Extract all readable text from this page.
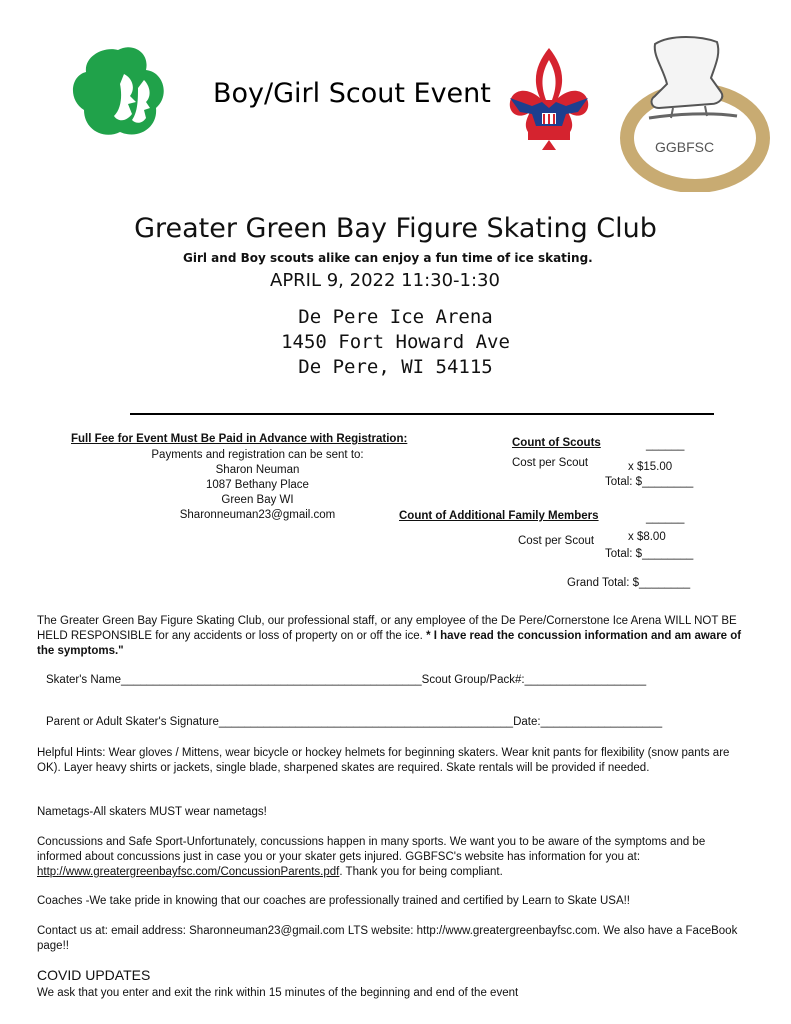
Boy/Girl Scout Event
GGBFSC
Greater Green Bay Figure Skating Club
Girl and Boy scouts alike can enjoy a fun time of ice skating.
APRIL 9, 2022 11:30-1:30
De Pere Ice Arena
1450 Fort Howard Ave
De Pere, WI 54115
Full Fee for Event Must Be Paid in Advance with Registration:
Payments and registration can be sent to:
Sharon Neuman
1087 Bethany Place
Green Bay WI
Sharonneuman23@gmail.com
Count of Scouts	______
Cost per Scout	x $15.00
Total: $________
Count of Additional Family Members	______
Cost per Scout	x $8.00
Total: $________
Grand Total: $________
The Greater Green Bay Figure Skating Club, our professional staff, or any employee of the De Pere/Cornerstone Ice Arena WILL NOT BE HELD RESPONSIBLE for any accidents or loss of property on or off the ice. * I have read the concussion information and am aware of the symptoms."
Skater's Name_______________________________________________Scout Group/Pack#:___________________
Parent or Adult Skater's Signature______________________________________________Date:___________________
Helpful Hints: Wear gloves / Mittens, wear bicycle or hockey helmets for beginning skaters. Wear knit pants for flexibility (snow pants are OK). Layer heavy shirts or jackets, single blade, sharpened skates are required. Skate rentals will be provided if needed.
Nametags-All skaters MUST wear nametags!
Concussions and Safe Sport-Unfortunately, concussions happen in many sports. We want you to be aware of the symptoms and be informed about concussions just in case you or your skater gets injured. GGBFSC's website has information for you at: http://www.greatergreenbayfsc.com/ConcussionParents.pdf. Thank you for being compliant.
Coaches -We take pride in knowing that our coaches are professionally trained and certified by Learn to Skate USA!!
Contact us at: email address: Sharonneuman23@gmail.com LTS website: http://www.greatergreenbayfsc.com. We also have a FaceBook page!!
COVID UPDATES
We ask that you enter and exit the rink within 15 minutes of the beginning and end of the event
